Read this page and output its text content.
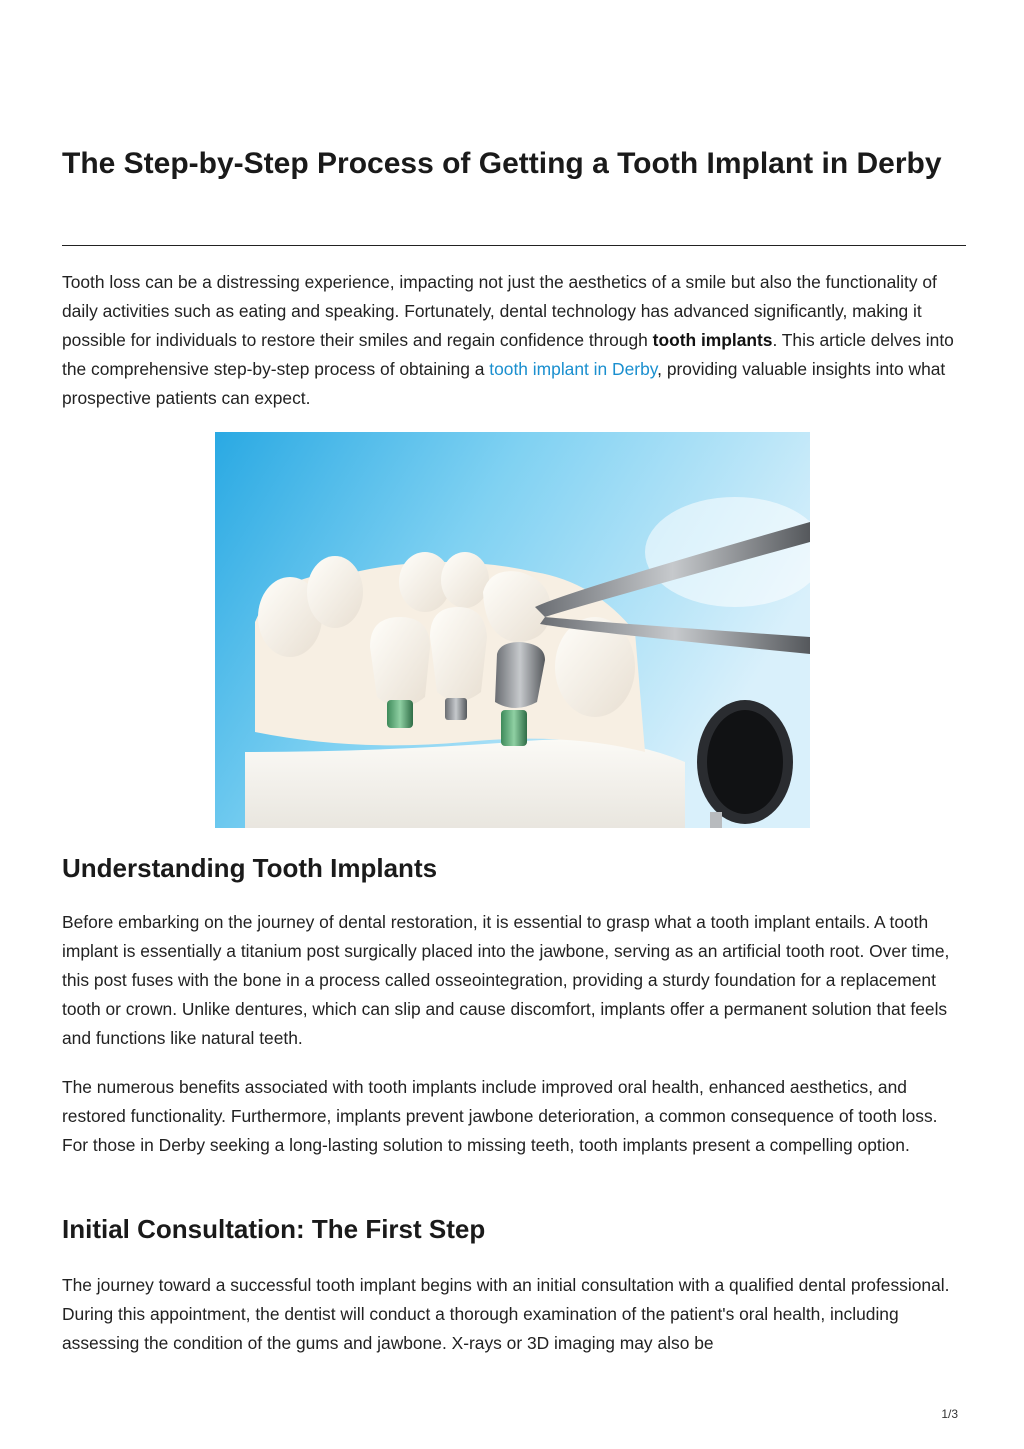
The Step-by-Step Process of Getting a Tooth Implant in Derby

Tooth loss can be a distressing experience, impacting not just the aesthetics of a smile but also the functionality of daily activities such as eating and speaking. Fortunately, dental technology has advanced significantly, making it possible for individuals to restore their smiles and regain confidence through tooth implants. This article delves into the comprehensive step-by-step process of obtaining a tooth implant in Derby, providing valuable insights into what prospective patients can expect.

Understanding Tooth Implants

Before embarking on the journey of dental restoration, it is essential to grasp what a tooth implant entails. A tooth implant is essentially a titanium post surgically placed into the jawbone, serving as an artificial tooth root. Over time, this post fuses with the bone in a process called osseointegration, providing a sturdy foundation for a replacement tooth or crown. Unlike dentures, which can slip and cause discomfort, implants offer a permanent solution that feels and functions like natural teeth.

The numerous benefits associated with tooth implants include improved oral health, enhanced aesthetics, and restored functionality. Furthermore, implants prevent jawbone deterioration, a common consequence of tooth loss. For those in Derby seeking a long-lasting solution to missing teeth, tooth implants present a compelling option.

Initial Consultation: The First Step

The journey toward a successful tooth implant begins with an initial consultation with a qualified dental professional. During this appointment, the dentist will conduct a thorough examination of the patient's oral health, including assessing the condition of the gums and jawbone. X-rays or 3D imaging may also be

1/3
